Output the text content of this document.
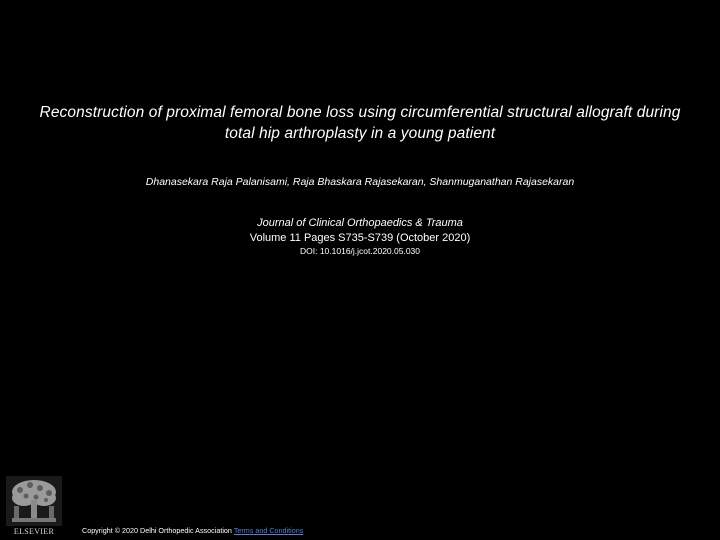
Reconstruction of proximal femoral bone loss using circumferential structural allograft during total hip arthroplasty in a young patient
Dhanasekara Raja Palanisami, Raja Bhaskara Rajasekaran, Shanmuganathan Rajasekaran
Journal of Clinical Orthopaedics & Trauma
Volume 11 Pages S735-S739 (October 2020)
DOI: 10.1016/j.jcot.2020.05.030
ELSEVIER	Copyright © 2020 Delhi Orthopedic Association Terms and Conditions
